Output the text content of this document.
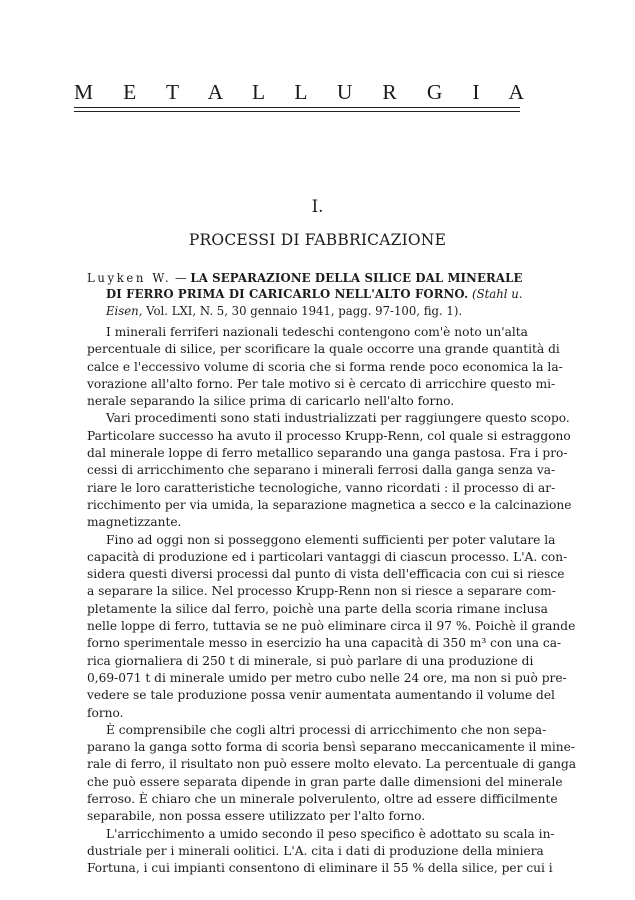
M E T A L L U R G I A
I.
PROCESSI DI FABBRICAZIONE
Luyken W. — LA SEPARAZIONE DELLA SILICE DAL MINERALE
DI FERRO PRIMA DI CARICARLO NELL'ALTO FORNO. (Stahl u.
Eisen, Vol. LXI, N. 5, 30 gennaio 1941, pagg. 97-100, fig. 1).
I minerali ferriferi nazionali tedeschi contengono com'è noto un'alta
percentuale di silice, per scorificare la quale occorre una grande quantità di
calce e l'eccessivo volume di scoria che si forma rende poco economica la la-
vorazione all'alto forno. Per tale motivo si è cercato di arricchire questo mi-
nerale separando la silice prima di caricarlo nell'alto forno.
Vari procedimenti sono stati industrializzati per raggiungere questo scopo.
Particolare successo ha avuto il processo Krupp-Renn, col quale si estraggono
dal minerale loppe di ferro metallico separando una ganga pastosa. Fra i pro-
cessi di arricchimento che separano i minerali ferrosi dalla ganga senza va-
riare le loro caratteristiche tecnologiche, vanno ricordati : il processo di ar-
ricchimento per via umida, la separazione magnetica a secco e la calcinazione
magnetizzante.
Fino ad oggi non si posseggono elementi sufficienti per poter valutare la
capacità di produzione ed i particolari vantaggi di ciascun processo. L'A. con-
sidera questi diversi processi dal punto di vista dell'efficacia con cui si riesce
a separare la silice. Nel processo Krupp-Renn non si riesce a separare com-
pletamente la silice dal ferro, poichè una parte della scoria rimane inclusa
nelle loppe di ferro, tuttavia se ne può eliminare circa il 97 %. Poichè il grande
forno sperimentale messo in esercizio ha una capacità di 350 m³ con una ca-
rica giornaliera di 250 t di minerale, si può parlare di una produzione di
0,69-071 t di minerale umido per metro cubo nelle 24 ore, ma non si può pre-
vedere se tale produzione possa venir aumentata aumentando il volume del
forno.
È comprensibile che cogli altri processi di arricchimento che non sepa-
parano la ganga sotto forma di scoria bensì separano meccanicamente il mine-
rale di ferro, il risultato non può essere molto elevato. La percentuale di ganga
che può essere separata dipende in gran parte dalle dimensioni del minerale
ferroso. È chiaro che un minerale polverulento, oltre ad essere difficilmente
separabile, non possa essere utilizzato per l'alto forno.
L'arricchimento a umido secondo il peso specifico è adottato su scala in-
dustriale per i minerali oolitici. L'A. cita i dati di produzione della miniera
Fortuna, i cui impianti consentono di eliminare il 55 % della silice, per cui i
